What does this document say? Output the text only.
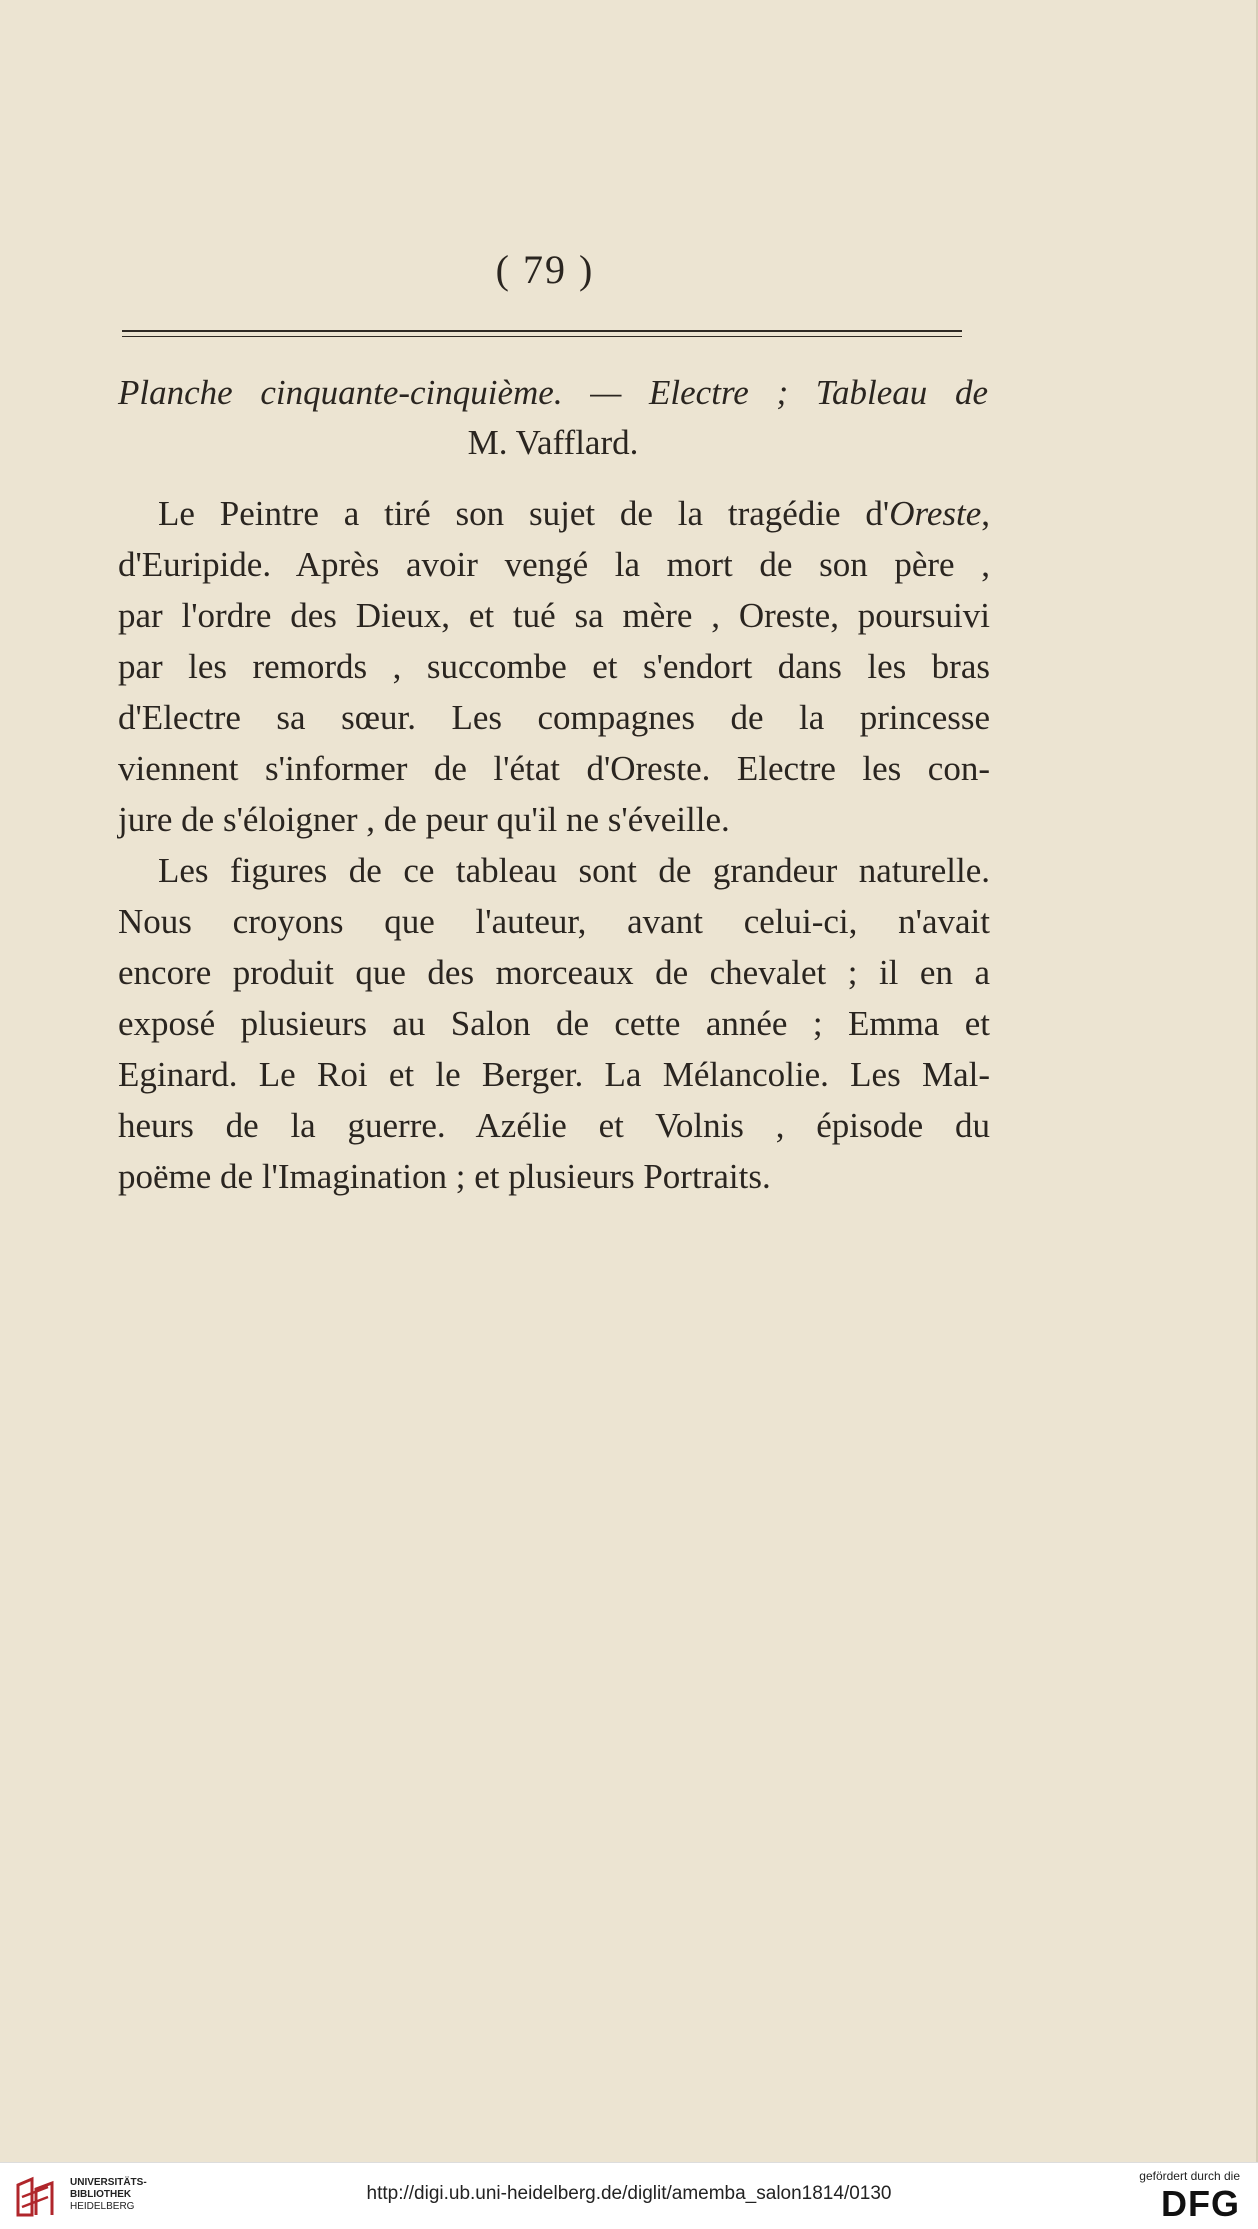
( 79 )
Planche cinquante-cinquième. — Electre ; Tableau de
M. Vafflard.
Le Peintre a tiré son sujet de la tragédie d'Oreste,
d'Euripide. Après avoir vengé la mort de son père ,
par l'ordre des Dieux, et tué sa mère , Oreste, poursuivi
par les remords , succombe et s'endort dans les bras
d'Electre sa sœur. Les compagnes de la princesse
viennent s'informer de l'état d'Oreste. Electre les con-
jure de s'éloigner , de peur qu'il ne s'éveille.
Les figures de ce tableau sont de grandeur naturelle.
Nous croyons que l'auteur, avant celui-ci, n'avait
encore produit que des morceaux de chevalet ; il en a
exposé plusieurs au Salon de cette année ; Emma et
Eginard. Le Roi et le Berger. La Mélancolie. Les Mal-
heurs de la guerre. Azélie et Volnis , épisode du
poëme de l'Imagination ; et plusieurs Portraits.
UNIVERSITÄTS-
BIBLIOTHEK
HEIDELBERG
http://digi.ub.uni-heidelberg.de/diglit/amemba_salon1814/0130
gefördert durch die
DFG
